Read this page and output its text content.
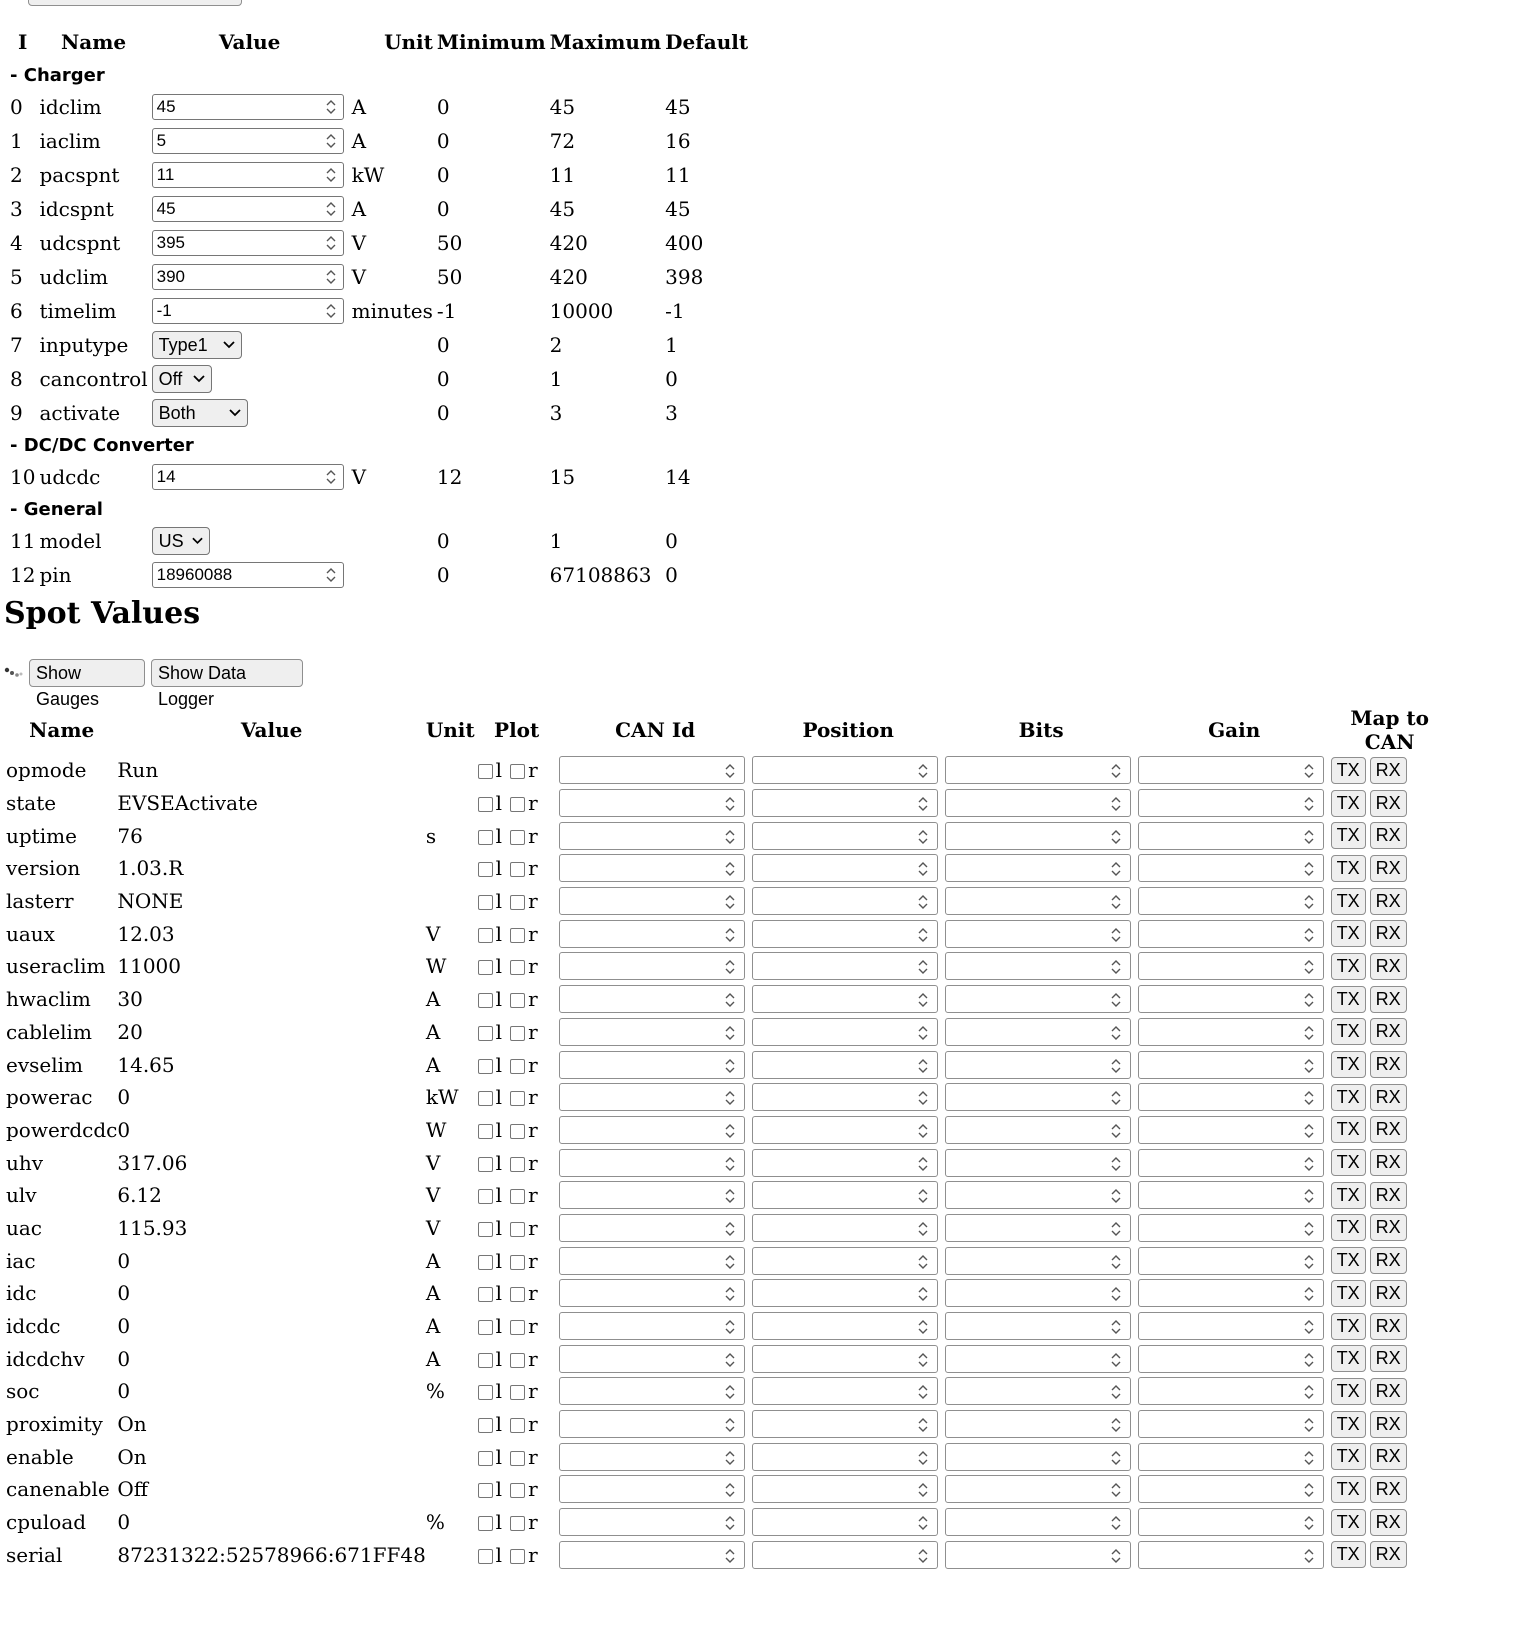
I	Name	Value	Unit	Minimum	Maximum	Default
- Charger						
0	idclim	45	A	0	45	45
1	iaclim	5	A	0	72	16
2	pacspnt	11	kW	0	11	11
3	idcspnt	45	A	0	45	45
4	udcspnt	395	V	50	420	400
5	udclim	390	V	50	420	398
6	timelim	-1	minutes	-1	10000	-1
7	inputype	Type1		0	2	1
8	cancontrol	Off		0	1	0
9	activate	Both		0	3	3
- DC/DC Converter						
10	udcdc	14	V	12	15	14
- General						
11	model	US		0	1	0
12	pin	18960088		0	67108863	0
Spot Values
Show Gauges
Show Data Logger
Name	Value	Unit	Plot	CAN Id	Position	Bits	Gain	Map to CAN
opmode	Run		l r					TX RX
state	EVSEActivate		l r					TX RX
uptime	76	s	l r					TX RX
version	1.03.R		l r					TX RX
lasterr	NONE		l r					TX RX
uaux	12.03	V	l r					TX RX
useraclim	11000	W	l r					TX RX
hwaclim	30	A	l r					TX RX
cablelim	20	A	l r					TX RX
evselim	14.65	A	l r					TX RX
powerac	0	kW	l r					TX RX
powerdcdc	0	W	l r					TX RX
uhv	317.06	V	l r					TX RX
ulv	6.12	V	l r					TX RX
uac	115.93	V	l r					TX RX
iac	0	A	l r					TX RX
idc	0	A	l r					TX RX
idcdc	0	A	l r					TX RX
idcdchv	0	A	l r					TX RX
soc	0	%	l r					TX RX
proximity	On		l r					TX RX
enable	On		l r					TX RX
canenable	Off		l r					TX RX
cpuload	0	%	l r					TX RX
serial	87231322:52578966:671FF48		l r					TX RX
